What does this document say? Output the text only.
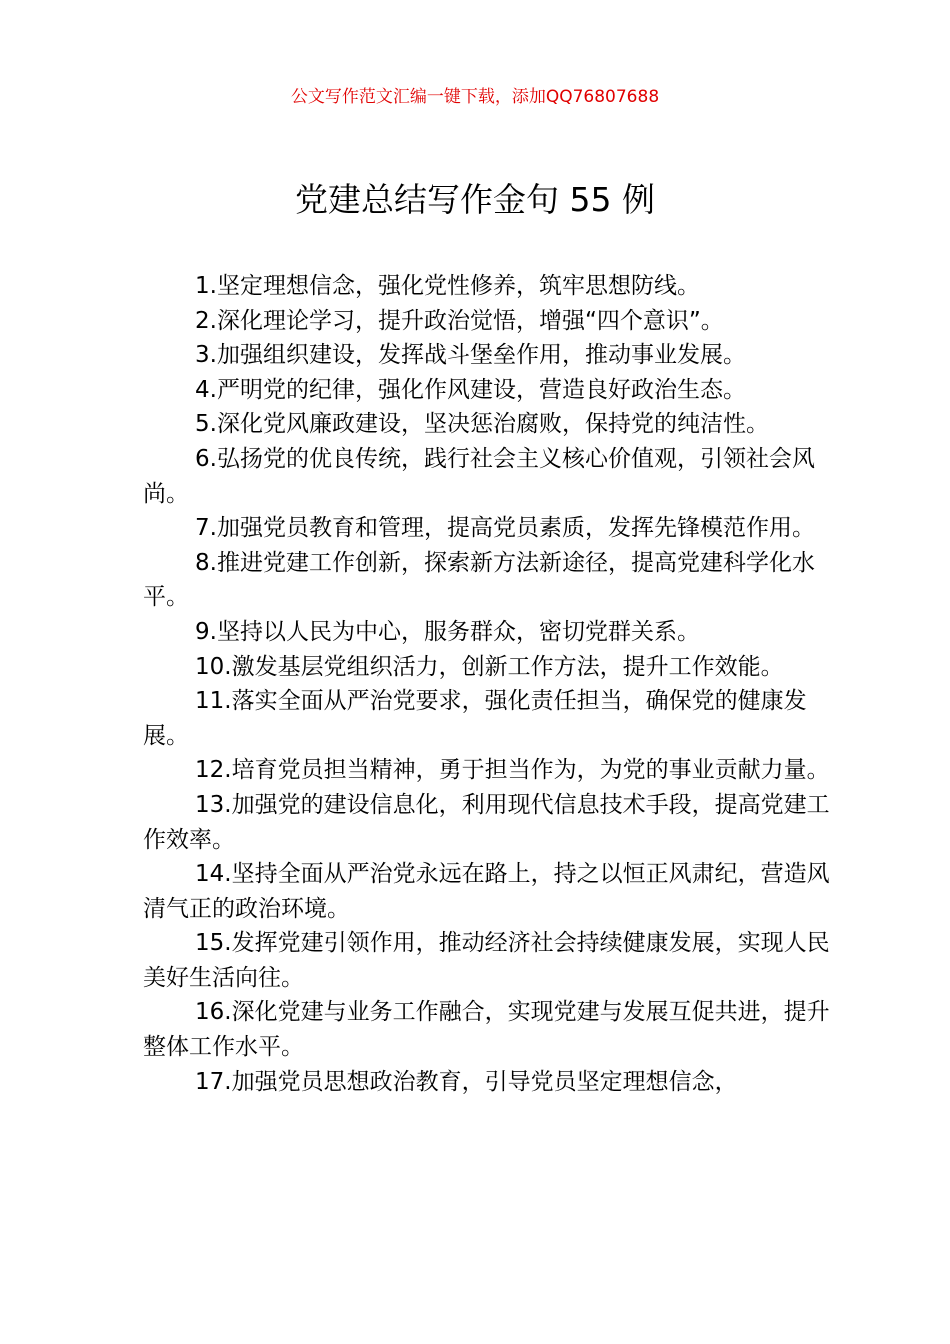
公文写作范文汇编一键下载，添加QQ76807688
党建总结写作金句 55 例

1.坚定理想信念，强化党性修养，筑牢思想防线。

2.深化理论学习，提升政治觉悟，增强“四个意识”。

3.加强组织建设，发挥战斗堡垒作用，推动事业发展。

4.严明党的纪律，强化作风建设，营造良好政治生态。

5.深化党风廉政建设，坚决惩治腐败，保持党的纯洁性。

6.弘扬党的优良传统，践行社会主义核心价值观，引领社会风尚。

7.加强党员教育和管理，提高党员素质，发挥先锋模范作用。

8.推进党建工作创新，探索新方法新途径，提高党建科学化水平。

9.坚持以人民为中心，服务群众，密切党群关系。

10.激发基层党组织活力，创新工作方法，提升工作效能。

11.落实全面从严治党要求，强化责任担当，确保党的健康发展。

12.培育党员担当精神，勇于担当作为，为党的事业贡献力量。

13.加强党的建设信息化，利用现代信息技术手段，提高党建工作效率。

14.坚持全面从严治党永远在路上，持之以恒正风肃纪，营造风清气正的政治环境。

15.发挥党建引领作用，推动经济社会持续健康发展，实现人民美好生活向往。

16.深化党建与业务工作融合，实现党建与发展互促共进，提升整体工作水平。

17.加强党员思想政治教育，引导党员坚定理想信念，
